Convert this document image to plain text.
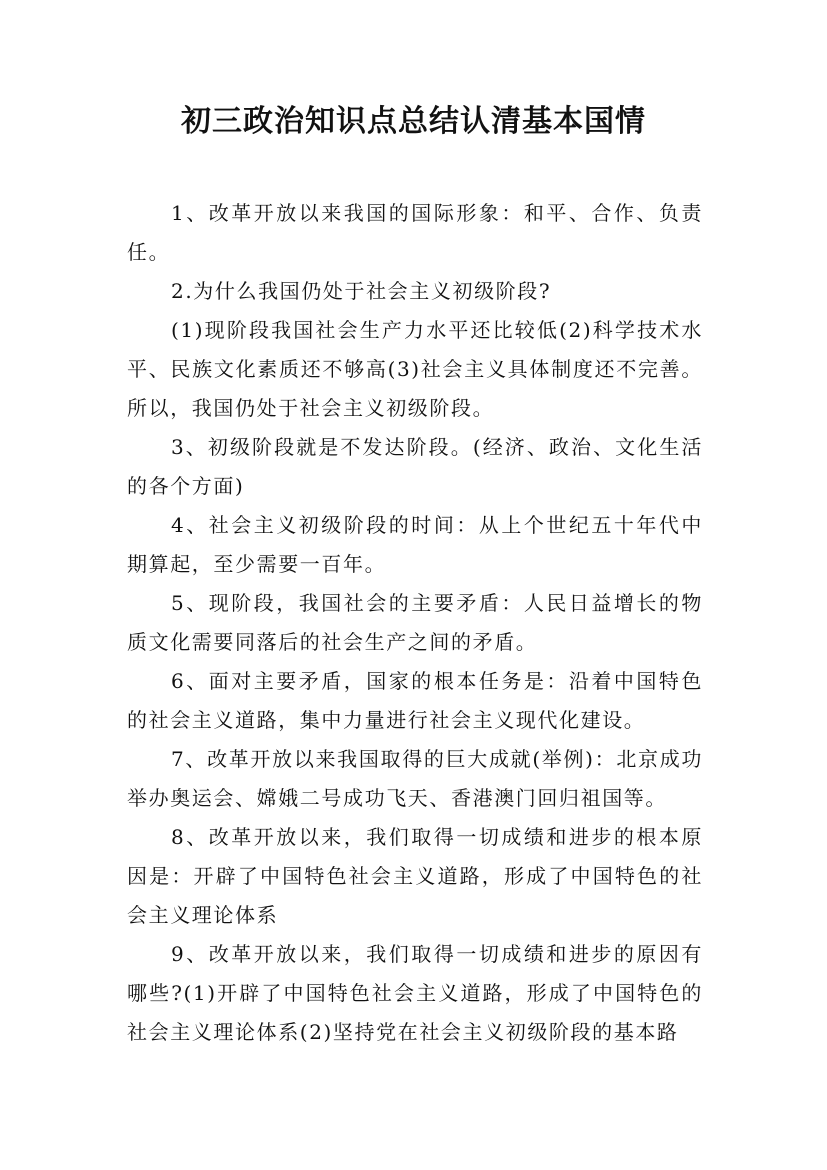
初三政治知识点总结认清基本国情

1、改革开放以来我国的国际形象：和平、合作、负责任。

2.为什么我国仍处于社会主义初级阶段?

(1)现阶段我国社会生产力水平还比较低(2)科学技术水平、民族文化素质还不够高(3)社会主义具体制度还不完善。所以，我国仍处于社会主义初级阶段。

3、初级阶段就是不发达阶段。(经济、政治、文化生活的各个方面)

4、社会主义初级阶段的时间：从上个世纪五十年代中期算起，至少需要一百年。

5、现阶段，我国社会的主要矛盾：人民日益增长的物质文化需要同落后的社会生产之间的矛盾。

6、面对主要矛盾，国家的根本任务是：沿着中国特色的社会主义道路，集中力量进行社会主义现代化建设。

7、改革开放以来我国取得的巨大成就(举例)：北京成功举办奥运会、嫦娥二号成功飞天、香港澳门回归祖国等。

8、改革开放以来，我们取得一切成绩和进步的根本原因是：开辟了中国特色社会主义道路，形成了中国特色的社会主义理论体系

9、改革开放以来，我们取得一切成绩和进步的原因有哪些?(1)开辟了中国特色社会主义道路，形成了中国特色的社会主义理论体系(2)坚持党在社会主义初级阶段的基本路
